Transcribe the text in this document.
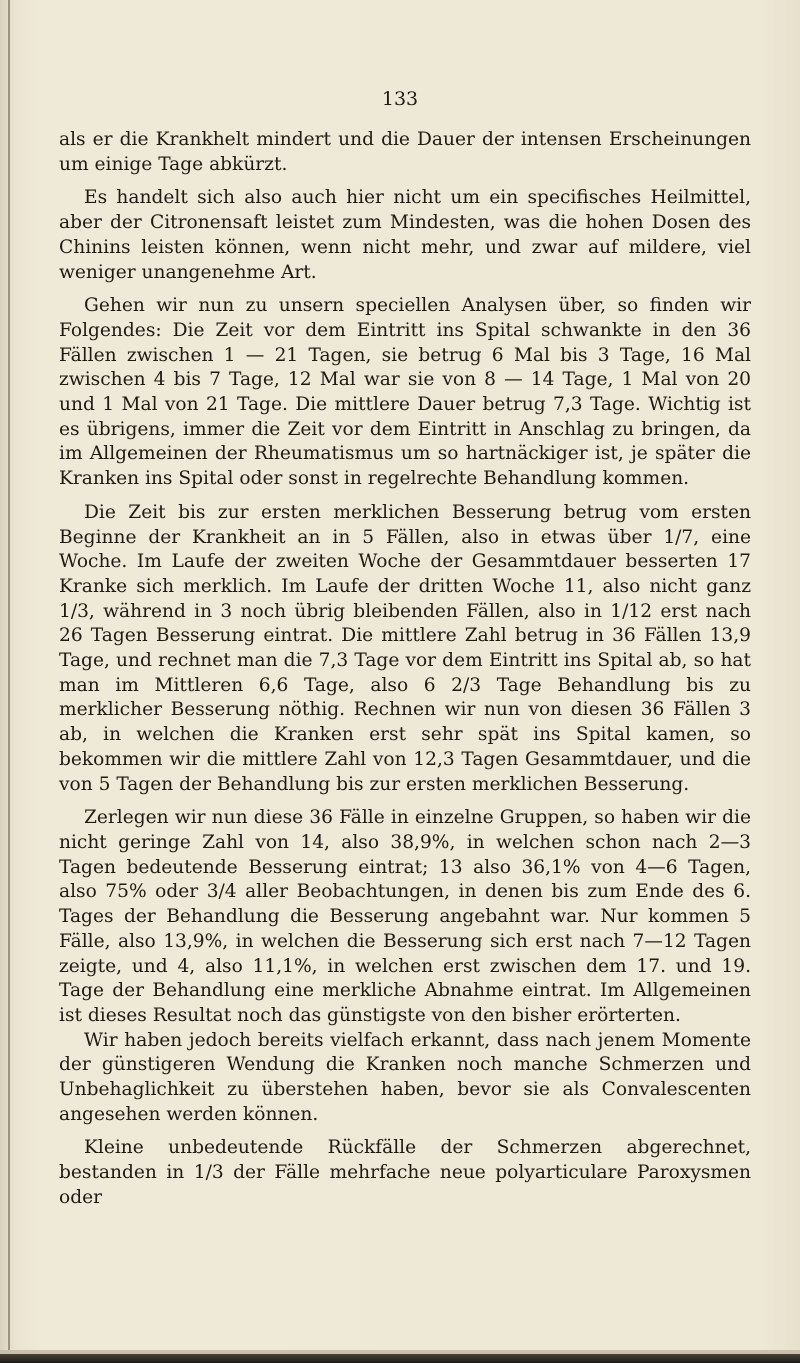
133

als er die Krankhelt mindert und die Dauer der intensen Erscheinungen um einige Tage abkürzt.

Es handelt sich also auch hier nicht um ein specifisches Heilmittel, aber der Citronensaft leistet zum Mindesten, was die hohen Dosen des Chinins leisten können, wenn nicht mehr, und zwar auf mildere, viel weniger unangenehme Art.

Gehen wir nun zu unsern speciellen Analysen über, so finden wir Folgendes: Die Zeit vor dem Eintritt ins Spital schwankte in den 36 Fällen zwischen 1 — 21 Tagen, sie betrug 6 Mal bis 3 Tage, 16 Mal zwischen 4 bis 7 Tage, 12 Mal war sie von 8 — 14 Tage, 1 Mal von 20 und 1 Mal von 21 Tage. Die mittlere Dauer betrug 7,3 Tage. Wichtig ist es übrigens, immer die Zeit vor dem Eintritt in Anschlag zu bringen, da im Allgemeinen der Rheumatismus um so hartnäckiger ist, je später die Kranken ins Spital oder sonst in regelrechte Behandlung kommen.

Die Zeit bis zur ersten merklichen Besserung betrug vom ersten Beginne der Krankheit an in 5 Fällen, also in etwas über 1/7, eine Woche. Im Laufe der zweiten Woche der Gesammtdauer besserten 17 Kranke sich merklich. Im Laufe der dritten Woche 11, also nicht ganz 1/3, während in 3 noch übrig bleibenden Fällen, also in 1/12 erst nach 26 Tagen Besserung eintrat. Die mittlere Zahl betrug in 36 Fällen 13,9 Tage, und rechnet man die 7,3 Tage vor dem Eintritt ins Spital ab, so hat man im Mittleren 6,6 Tage, also 6 2/3 Tage Behandlung bis zu merklicher Besserung nöthig. Rechnen wir nun von diesen 36 Fällen 3 ab, in welchen die Kranken erst sehr spät ins Spital kamen, so bekommen wir die mittlere Zahl von 12,3 Tagen Gesammtdauer, und die von 5 Tagen der Behandlung bis zur ersten merklichen Besserung.

Zerlegen wir nun diese 36 Fälle in einzelne Gruppen, so haben wir die nicht geringe Zahl von 14, also 38,9%, in welchen schon nach 2—3 Tagen bedeutende Besserung eintrat; 13 also 36,1% von 4—6 Tagen, also 75% oder 3/4 aller Beobachtungen, in denen bis zum Ende des 6. Tages der Behandlung die Besserung angebahnt war. Nur kommen 5 Fälle, also 13,9%, in welchen die Besserung sich erst nach 7—12 Tagen zeigte, und 4, also 11,1%, in welchen erst zwischen dem 17. und 19. Tage der Behandlung eine merkliche Abnahme eintrat. Im Allgemeinen ist dieses Resultat noch das günstigste von den bisher erörterten.

Wir haben jedoch bereits vielfach erkannt, dass nach jenem Momente der günstigeren Wendung die Kranken noch manche Schmerzen und Unbehaglichkeit zu überstehen haben, bevor sie als Convalescenten angesehen werden können.

Kleine unbedeutende Rückfälle der Schmerzen abgerechnet, bestanden in 1/3 der Fälle mehrfache neue polyarticulare Paroxysmen oder
